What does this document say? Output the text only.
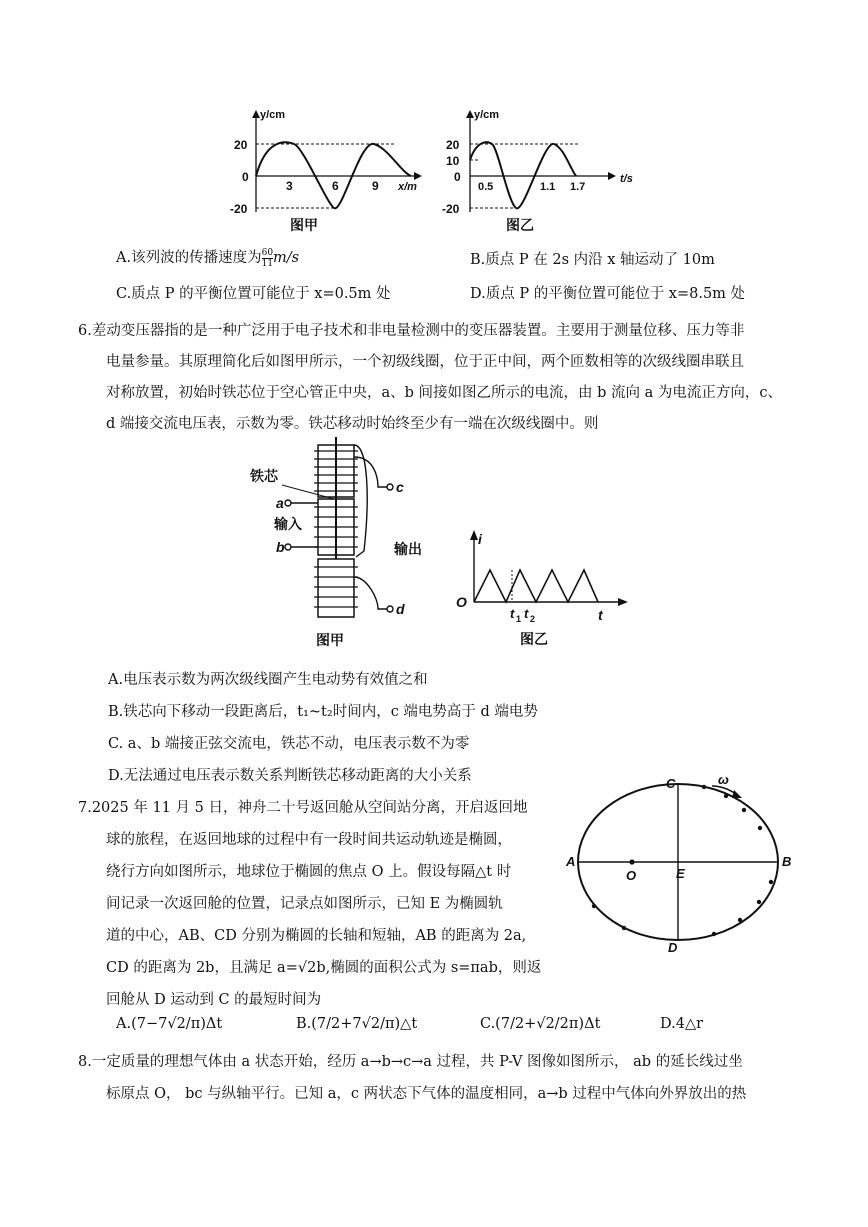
y/cm
20
0
-20
3	6	9 x/m
图甲
y/cm
20
10
0
-20
0.5	1.1 1.7
t/s
图乙
A.该列波的传播速度为 $\frac{60}{11} m/s$	B.质点 P 在 2s 内沿 x 轴运动了 10m
C.质点 P 的平衡位置可能位于 x=0.5m 处	D.质点 P 的平衡位置可能位于 x=8.5m 处
6.差动变压器指的是一种广泛用于电子技术和非电量检测中的变压器装置。主要用于测量位移、压力等非
电量参量。其原理简化后如图甲所示，一个初级线圈，位于正中间，两个匝数相等的次级线圈串联且
对称放置，初始时铁芯位于空心管正中央，a、b 间接如图乙所示的电流，由 b 流向 a 为电流正方向，c、
d 端接交流电压表，示数为零。铁芯移动时始终至少有一端在次级线圈中。则
铁芯
a
输入
b
c
d
输出
图甲
i
O
t
t 1 t 2
图乙
A.电压表示数为两次级线圈产生电动势有效值之和
B.铁芯向下移动一段距离后，t₁~t₂时间内，c 端电势高于 d 端电势
C. a、b 端接正弦交流电，铁芯不动，电压表示数不为零
D.无法通过电压表示数关系判断铁芯移动距离的大小关系
7.2025 年 11 月 5 日，神舟二十号返回舱从空间站分离，开启返回地
球的旅程，在返回地球的过程中有一段时间共运动轨迹是椭圆，
绕行方向如图所示，地球位于椭圆的焦点 O 上。假设每隔△t 时
间记录一次返回舱的位置，记录点如图所示，已知 E 为椭圆轨
道的中心，AB、CD 分别为椭圆的长轴和短轴，AB 的距离为 2a,
CD 的距离为 2b，且满足 a=√2b,椭圆的面积公式为 s=πab，则返
回舱从 D 运动到 C 的最短时间为
ω
C
A	B
O	E
D
A.(7−7√2/π)Δt	B.(7/2+7√2/π)△t	C.(7/2+√2/2π)Δt	D.4△r
8.一定质量的理想气体由 a 状态开始，经历 a→b→c→a 过程，共 P-V 图像如图所示， ab 的延长线过坐
标原点 O， bc 与纵轴平行。已知 a，c 两状态下气体的温度相同，a→b 过程中气体向外界放出的热
